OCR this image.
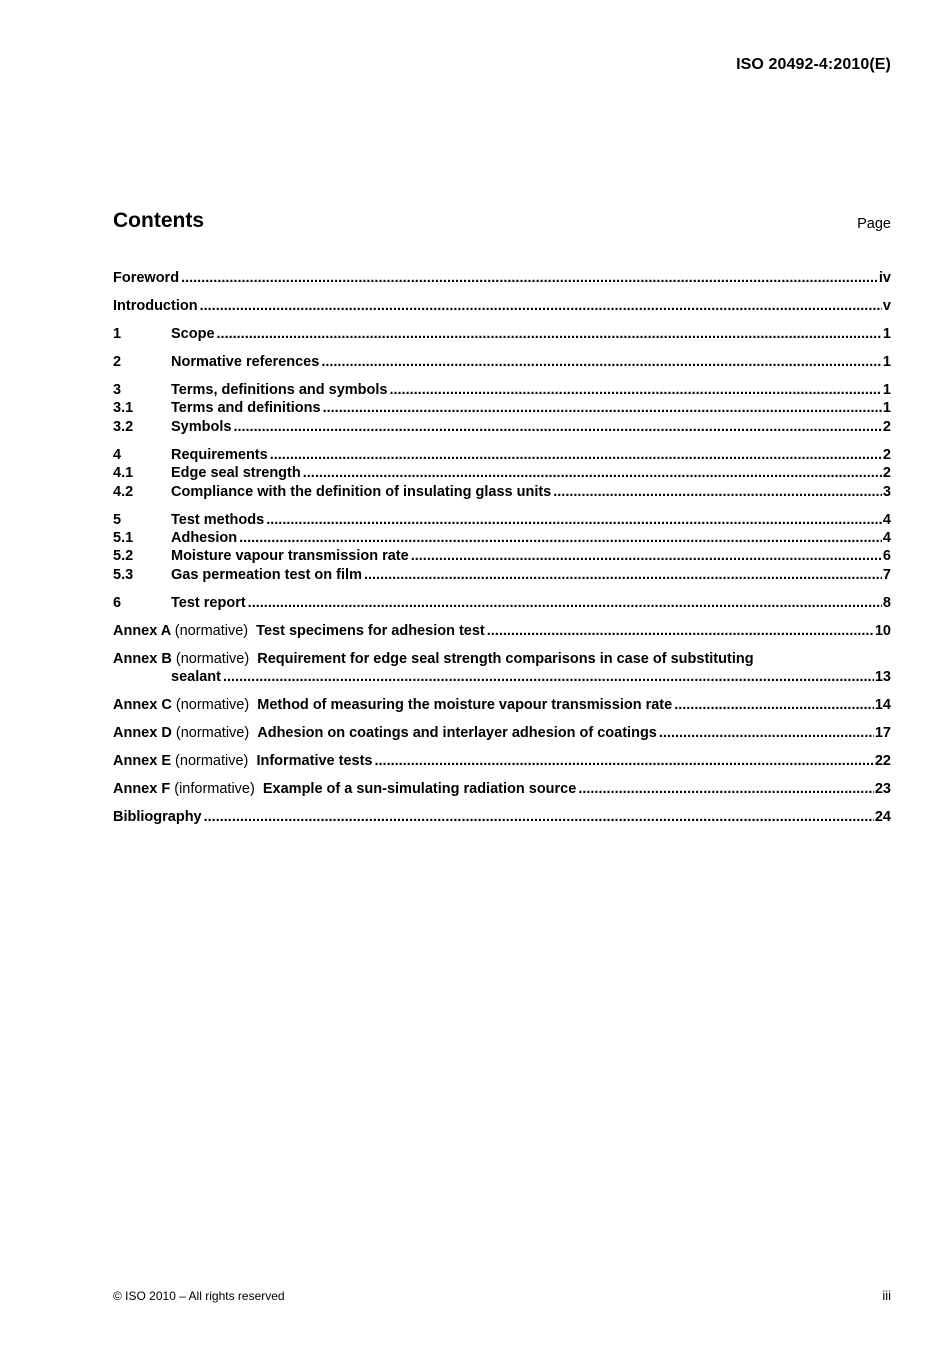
ISO 20492-4:2010(E)
Contents	Page
Foreword .....	iv
Introduction .....	v
1	Scope .....	1
2	Normative references .....	1
3	Terms, definitions and symbols .....	1
3.1	Terms and definitions .....	1
3.2	Symbols .....	2
4	Requirements .....	2
4.1	Edge seal strength .....	2
4.2	Compliance with the definition of insulating glass units .....	3
5	Test methods .....	4
5.1	Adhesion .....	4
5.2	Moisture vapour transmission rate .....	6
5.3	Gas permeation test on film .....	7
6	Test report .....	8
Annex A (normative) Test specimens for adhesion test .....	10
Annex B (normative) Requirement for edge seal strength comparisons in case of substituting
sealant .....	13
Annex C (normative) Method of measuring the moisture vapour transmission rate .....	14
Annex D (normative) Adhesion on coatings and interlayer adhesion of coatings .....	17
Annex E (normative) Informative tests .....	22
Annex F (informative) Example of a sun-simulating radiation source .....	23
Bibliography .....	24
© ISO 2010 – All rights reserved	iii
